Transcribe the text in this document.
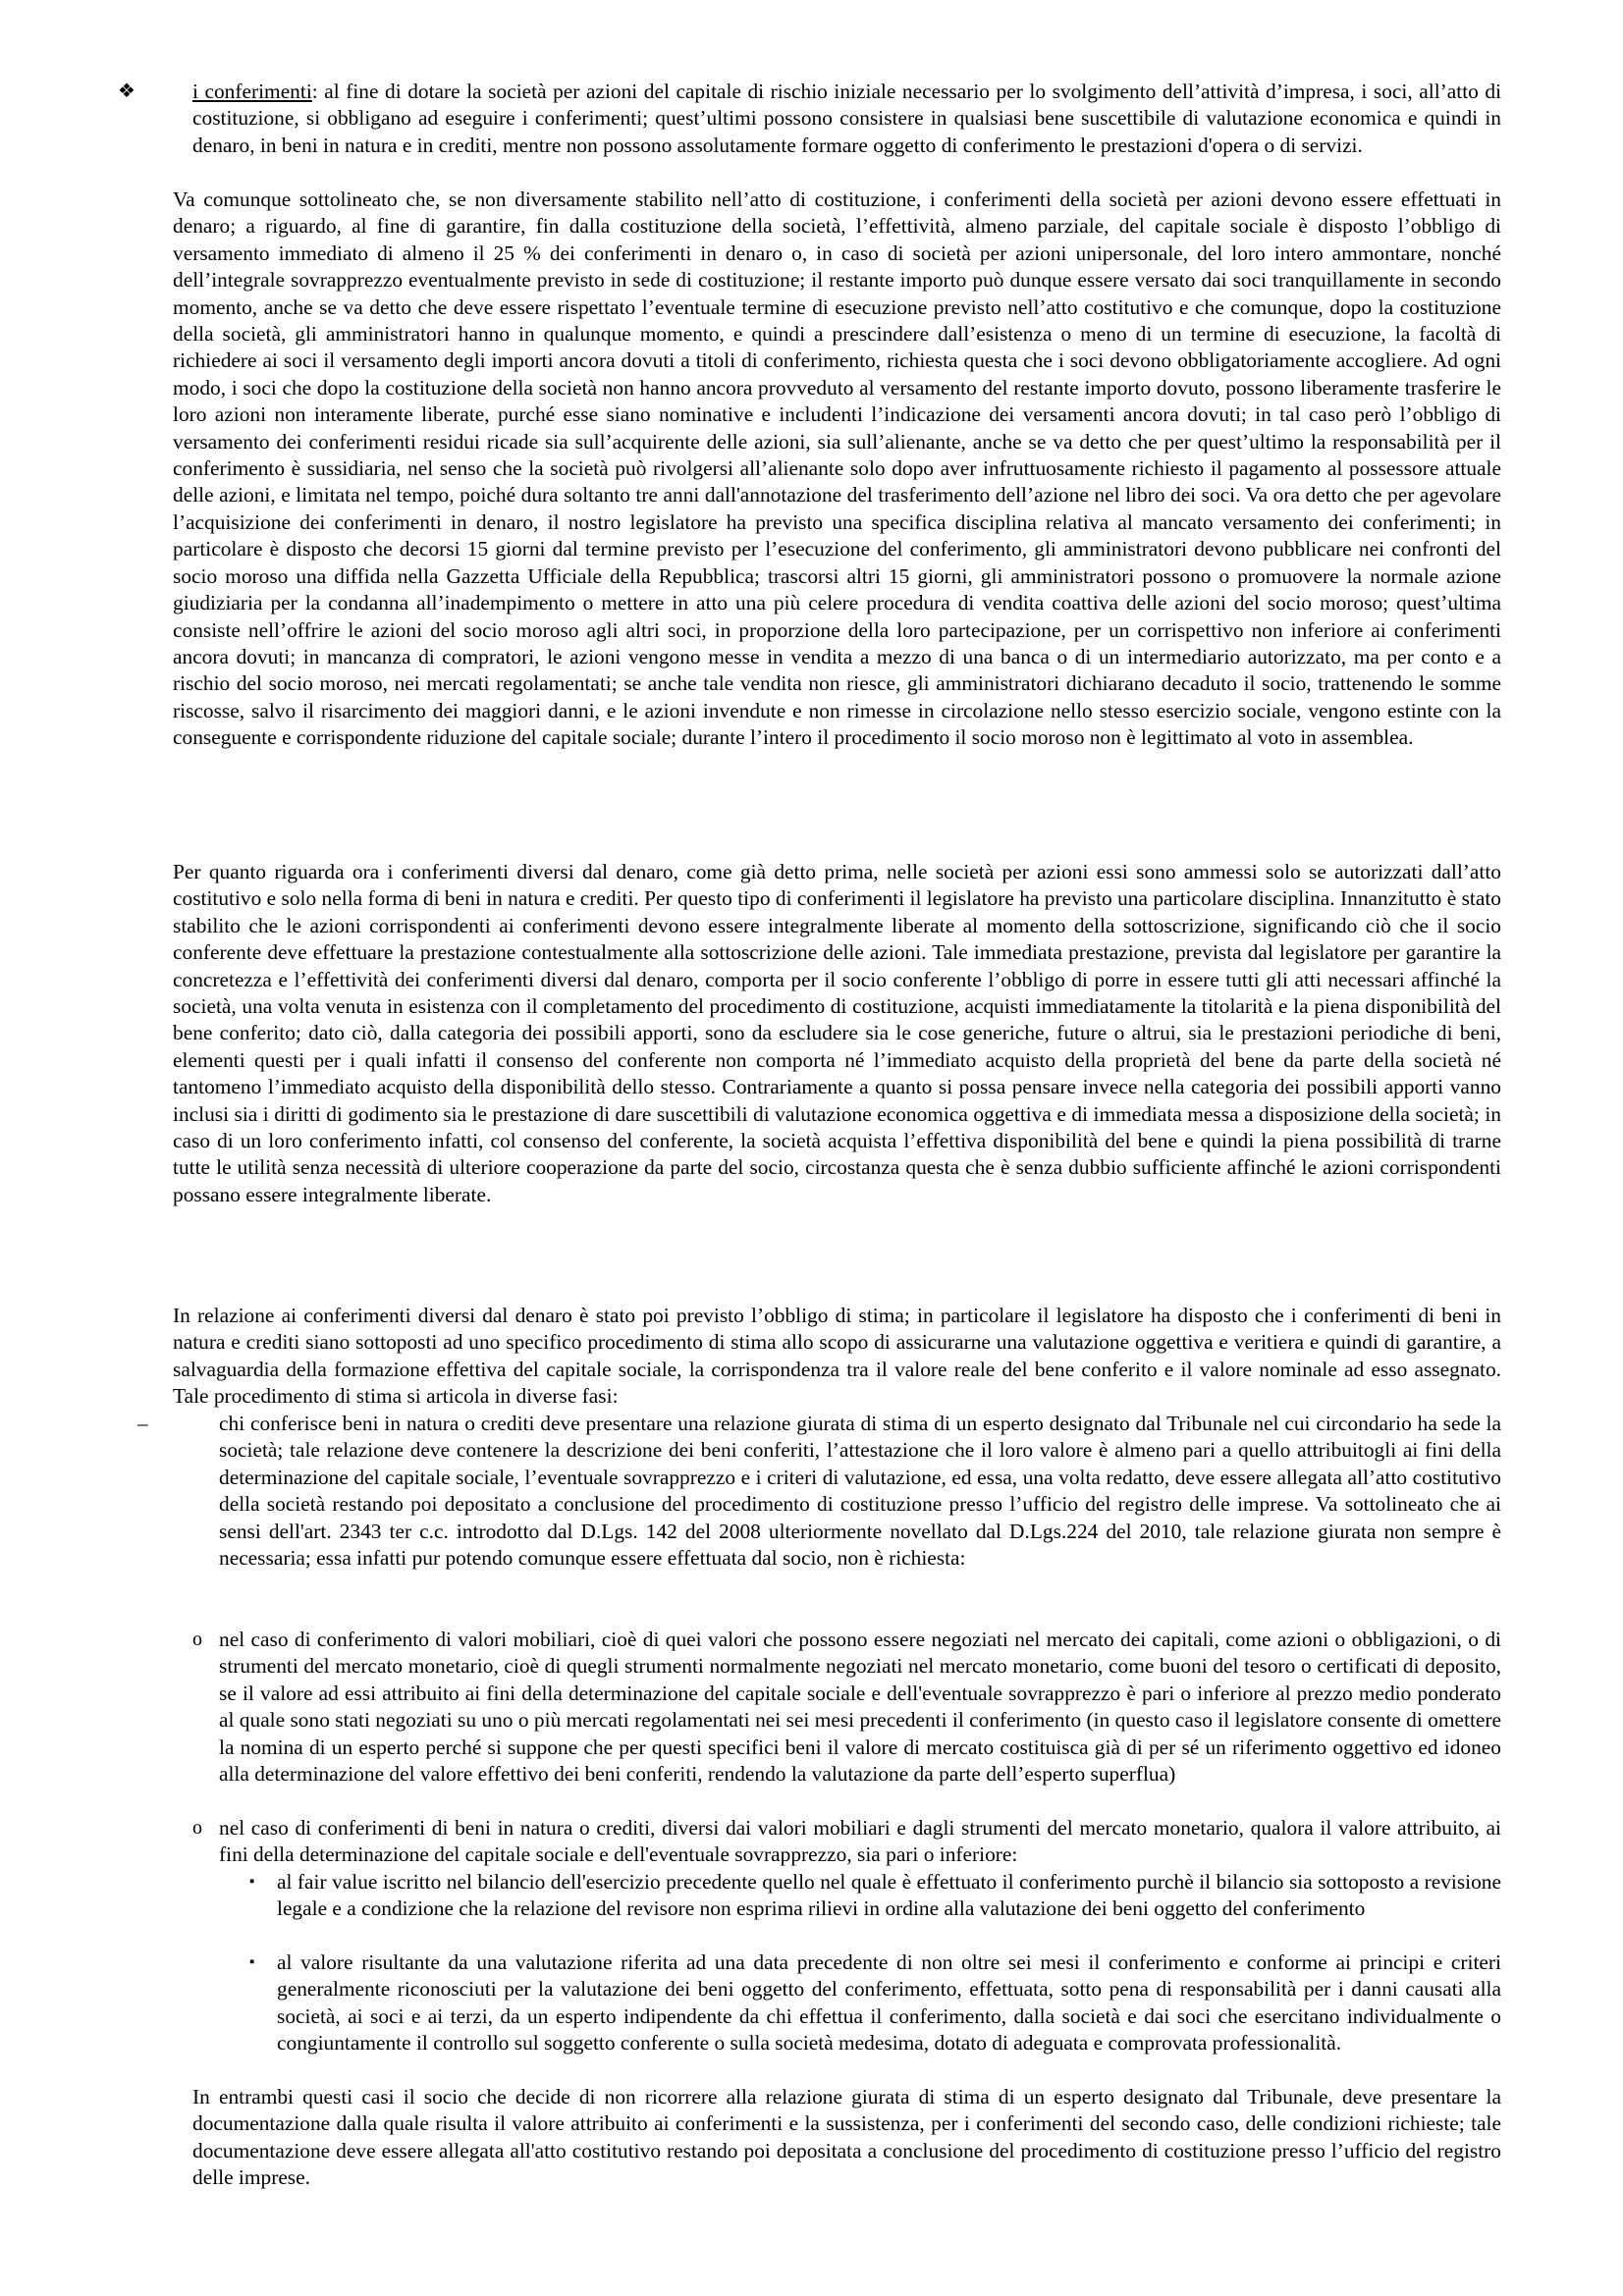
❖	i conferimenti: al fine di dotare la società per azioni del capitale di rischio iniziale necessario per lo svolgimento dell’attività d’impresa, i soci, all’atto di costituzione, si obbligano ad eseguire i conferimenti; quest’ultimi possono consistere in qualsiasi bene suscettibile di valutazione economica e quindi in denaro, in beni in natura e in crediti, mentre non possono assolutamente formare oggetto di conferimento le prestazioni d'opera o di servizi.

Va comunque sottolineato che, se non diversamente stabilito nell’atto di costituzione, i conferimenti della società per azioni devono essere effettuati in denaro; a riguardo, al fine di garantire, fin dalla costituzione della società, l’effettività, almeno parziale, del capitale sociale è disposto l’obbligo di versamento immediato di almeno il 25 % dei conferimenti in denaro o, in caso di società per azioni unipersonale, del loro intero ammontare, nonché dell’integrale sovrapprezzo eventualmente previsto in sede di costituzione; il restante importo può dunque essere versato dai soci tranquillamente in secondo momento, anche se va detto che deve essere rispettato l’eventuale termine di esecuzione previsto nell’atto costitutivo e che comunque, dopo la costituzione della società, gli amministratori hanno in qualunque momento, e quindi a prescindere dall’esistenza o meno di un termine di esecuzione, la facoltà di richiedere ai soci il versamento degli importi ancora dovuti a titoli di conferimento, richiesta questa che i soci devono obbligatoriamente accogliere. Ad ogni modo, i soci che dopo la costituzione della società non hanno ancora provveduto al versamento del restante importo dovuto, possono liberamente trasferire le loro azioni non interamente liberate, purché esse siano nominative e includenti l’indicazione dei versamenti ancora dovuti; in tal caso però l’obbligo di versamento dei conferimenti residui ricade sia sull’acquirente delle azioni, sia sull’alienante, anche se va detto che per quest’ultimo la responsabilità per il conferimento è sussidiaria, nel senso che la società può rivolgersi all’alienante solo dopo aver infruttuosamente richiesto il pagamento al possessore attuale delle azioni, e limitata nel tempo, poiché dura soltanto tre anni dall'annotazione del trasferimento dell’azione nel libro dei soci. Va ora detto che per agevolare l’acquisizione dei conferimenti in denaro, il nostro legislatore ha previsto una specifica disciplina relativa al mancato versamento dei conferimenti; in particolare è disposto che decorsi 15 giorni dal termine previsto per l’esecuzione del conferimento, gli amministratori devono pubblicare nei confronti del socio moroso una diffida nella Gazzetta Ufficiale della Repubblica; trascorsi altri 15 giorni, gli amministratori possono o promuovere la normale azione giudiziaria per la condanna all’inadempimento o mettere in atto una più celere procedura di vendita coattiva delle azioni del socio moroso; quest’ultima consiste nell’offrire le azioni del socio moroso agli altri soci, in proporzione della loro partecipazione, per un corrispettivo non inferiore ai conferimenti ancora dovuti; in mancanza di compratori, le azioni vengono messe in vendita a mezzo di una banca o di un intermediario autorizzato, ma per conto e a rischio del socio moroso, nei mercati regolamentati; se anche tale vendita non riesce, gli amministratori dichiarano decaduto il socio, trattenendo le somme riscosse, salvo il risarcimento dei maggiori danni, e le azioni invendute e non rimesse in circolazione nello stesso esercizio sociale, vengono estinte con la conseguente e corrispondente riduzione del capitale sociale; durante l’intero il procedimento il socio moroso non è legittimato al voto in assemblea.

Per quanto riguarda ora i conferimenti diversi dal denaro, come già detto prima, nelle società per azioni essi sono ammessi solo se autorizzati dall’atto costitutivo e solo nella forma di beni in natura e crediti. Per questo tipo di conferimenti il legislatore ha previsto una particolare disciplina. Innanzitutto è stato stabilito che le azioni corrispondenti ai conferimenti devono essere integralmente liberate al momento della sottoscrizione, significando ciò che il socio conferente deve effettuare la prestazione contestualmente alla sottoscrizione delle azioni. Tale immediata prestazione, prevista dal legislatore per garantire la concretezza e l’effettività dei conferimenti diversi dal denaro, comporta per il socio conferente l’obbligo di porre in essere tutti gli atti necessari affinché la società, una volta venuta in esistenza con il completamento del procedimento di costituzione, acquisti immediatamente la titolarità e la piena disponibilità del bene conferito; dato ciò, dalla categoria dei possibili apporti, sono da escludere sia le cose generiche, future o altrui, sia le prestazioni periodiche di beni, elementi questi per i quali infatti il consenso del conferente non comporta né l’immediato acquisto della proprietà del bene da parte della società né tantomeno l’immediato acquisto della disponibilità dello stesso. Contrariamente a quanto si possa pensare invece nella categoria dei possibili apporti vanno inclusi sia i diritti di godimento sia le prestazione di dare suscettibili di valutazione economica oggettiva e di immediata messa a disposizione della società; in caso di un loro conferimento infatti, col consenso del conferente, la società acquista l’effettiva disponibilità del bene e quindi la piena possibilità di trarne tutte le utilità senza necessità di ulteriore cooperazione da parte del socio, circostanza questa che è senza dubbio sufficiente affinché le azioni corrispondenti possano essere integralmente liberate.

In relazione ai conferimenti diversi dal denaro è stato poi previsto l’obbligo di stima; in particolare il legislatore ha disposto che i conferimenti di beni in natura e crediti siano sottoposti ad uno specifico procedimento di stima allo scopo di assicurarne una valutazione oggettiva e veritiera e quindi di garantire, a salvaguardia della formazione effettiva del capitale sociale, la corrispondenza tra il valore reale del bene conferito e il valore nominale ad esso assegnato. Tale procedimento di stima si articola in diverse fasi:

–	chi conferisce beni in natura o crediti deve presentare una relazione giurata di stima di un esperto designato dal Tribunale nel cui circondario ha sede la società; tale relazione deve contenere la descrizione dei beni conferiti, l’attestazione che il loro valore è almeno pari a quello attribuitogli ai fini della determinazione del capitale sociale, l’eventuale sovrapprezzo e i criteri di valutazione, ed essa, una volta redatto, deve essere allegata all’atto costitutivo della società restando poi depositato a conclusione del procedimento di costituzione presso l’ufficio del registro delle imprese. Va sottolineato che ai sensi dell'art. 2343 ter c.c. introdotto dal D.Lgs. 142 del 2008 ulteriormente novellato dal D.Lgs.224 del 2010, tale relazione giurata non sempre è necessaria; essa infatti pur potendo comunque essere effettuata dal socio, non è richiesta:

o nel caso di conferimento di valori mobiliari, cioè di quei valori che possono essere negoziati nel mercato dei capitali, come azioni o obbligazioni, o di strumenti del mercato monetario, cioè di quegli strumenti normalmente negoziati nel mercato monetario, come buoni del tesoro o certificati di deposito, se il valore ad essi attribuito ai fini della determinazione del capitale sociale e dell'eventuale sovrapprezzo è pari o inferiore al prezzo medio ponderato al quale sono stati negoziati su uno o più mercati regolamentati nei sei mesi precedenti il conferimento (in questo caso il legislatore consente di omettere la nomina di un esperto perché si suppone che per questi specifici beni il valore di mercato costituisca già di per sé un riferimento oggettivo ed idoneo alla determinazione del valore effettivo dei beni conferiti, rendendo la valutazione da parte dell’esperto superflua)

o nel caso di conferimenti di beni in natura o crediti, diversi dai valori mobiliari e dagli strumenti del mercato monetario, qualora il valore attribuito, ai fini della determinazione del capitale sociale e dell'eventuale sovrapprezzo, sia pari o inferiore:

▪ al fair value iscritto nel bilancio dell'esercizio precedente quello nel quale è effettuato il conferimento purchè il bilancio sia sottoposto a revisione legale e a condizione che la relazione del revisore non esprima rilievi in ordine alla valutazione dei beni oggetto del conferimento

▪ al valore risultante da una valutazione riferita ad una data precedente di non oltre sei mesi il conferimento e conforme ai principi e criteri generalmente riconosciuti per la valutazione dei beni oggetto del conferimento, effettuata, sotto pena di responsabilità per i danni causati alla società, ai soci e ai terzi, da un esperto indipendente da chi effettua il conferimento, dalla società e dai soci che esercitano individualmente o congiuntamente il controllo sul soggetto conferente o sulla società medesima, dotato di adeguata e comprovata professionalità.

In entrambi questi casi il socio che decide di non ricorrere alla relazione giurata di stima di un esperto designato dal Tribunale, deve presentare la documentazione dalla quale risulta il valore attribuito ai conferimenti e la sussistenza, per i conferimenti del secondo caso, delle condizioni richieste; tale documentazione deve essere allegata all'atto costitutivo restando poi depositata a conclusione del procedimento di costituzione presso l’ufficio del registro delle imprese.
